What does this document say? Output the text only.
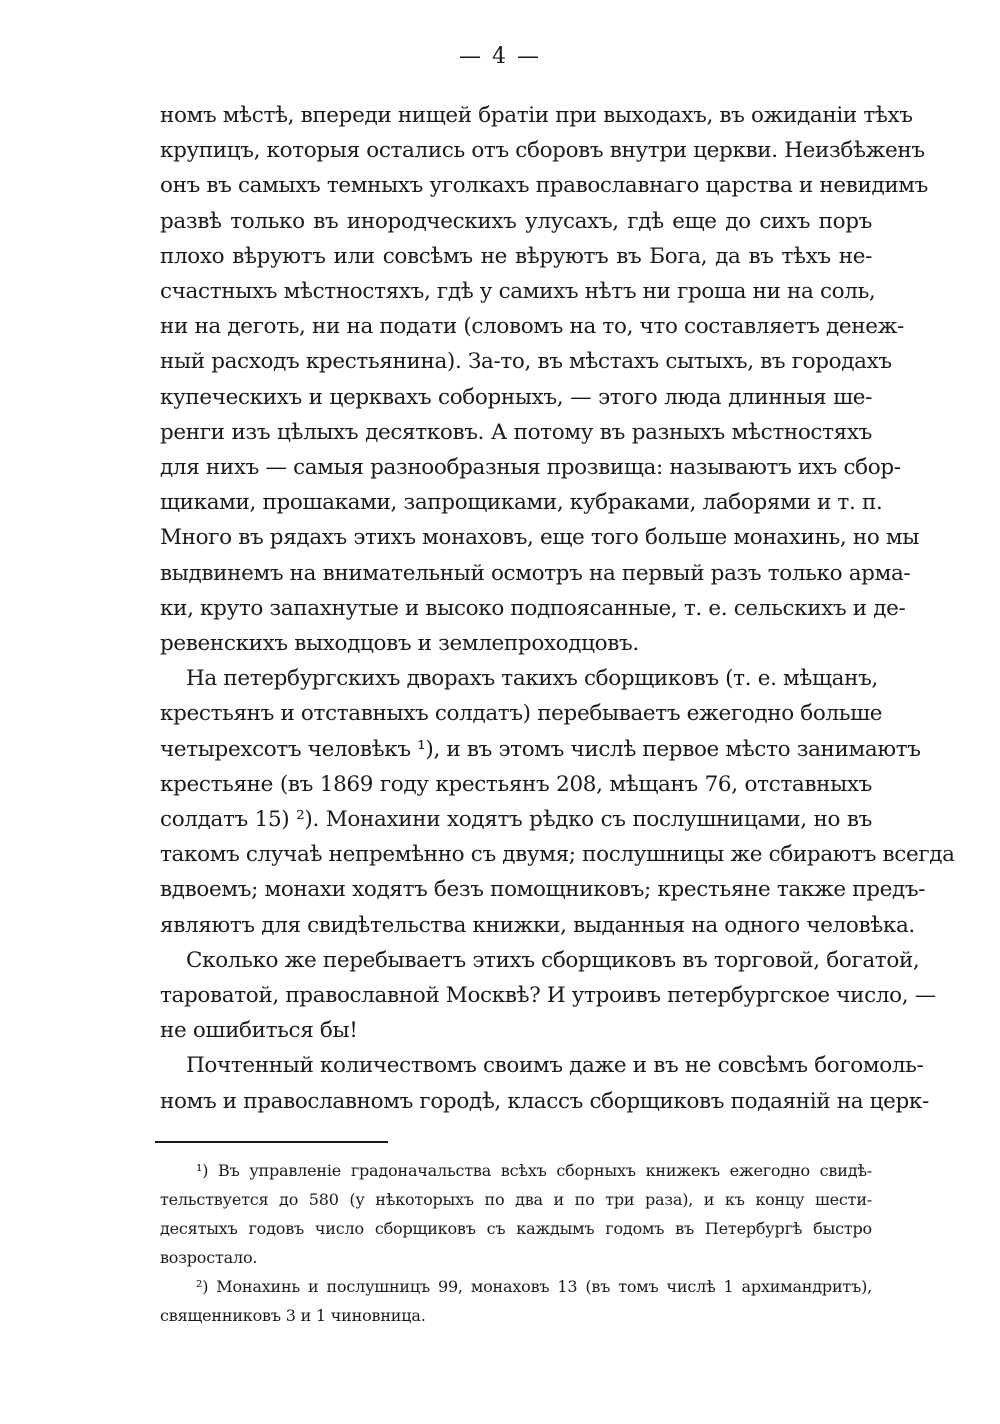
— 4 —
номъ мѣстѣ, впереди нищей братіи при выходахъ, въ ожиданіи тѣхъ
крупицъ, которыя остались отъ сборовъ внутри церкви. Неизбѣженъ
онъ въ самыхъ темныхъ уголкахъ православнаго царства и невидимъ
развѣ только въ инородческихъ улусахъ, гдѣ еще до сихъ поръ
плохо вѣруютъ или совсѣмъ не вѣруютъ въ Бога, да въ тѣхъ не-
счастныхъ мѣстностяхъ, гдѣ у самихъ нѣтъ ни гроша ни на соль,
ни на деготь, ни на подати (словомъ на то, что составляетъ денеж-
ный расходъ крестьянина). За-то, въ мѣстахъ сытыхъ, въ городахъ
купеческихъ и церквахъ соборныхъ, — этого люда длинныя ше-
ренги изъ цѣлыхъ десятковъ. А потому въ разныхъ мѣстностяхъ
для нихъ — самыя разнообразныя прозвища: называютъ ихъ сбор-
щиками, прошаками, запрощиками, кубраками, лаборями и т. п.
Много въ рядахъ этихъ монаховъ, еще того больше монахинь, но мы
выдвинемъ на внимательный осмотръ на первый разъ только арма-
ки, круто запахнутые и высоко подпоясанные, т. е. сельскихъ и де-
ревенскихъ выходцовъ и землепроходцовъ.
На петербургскихъ дворахъ такихъ сборщиковъ (т. е. мѣщанъ,
крестьянъ и отставныхъ солдатъ) перебываетъ ежегодно больше
четырехсотъ человѣкъ ¹), и въ этомъ числѣ первое мѣсто занимаютъ
крестьяне (въ 1869 году крестьянъ 208, мѣщанъ 76, отставныхъ
солдатъ 15) ²). Монахини ходятъ рѣдко съ послушницами, но въ
такомъ случаѣ непремѣнно съ двумя; послушницы же сбираютъ всегда
вдвоемъ; монахи ходятъ безъ помощниковъ; крестьяне также предъ-
являютъ для свидѣтельства книжки, выданныя на одного человѣка.
Сколько же перебываетъ этихъ сборщиковъ въ торговой, богатой,
тароватой, православной Москвѣ? И утроивъ петербургское число, —
не ошибиться бы!
Почтенный количествомъ своимъ даже и въ не совсѣмъ богомоль-
номъ и православномъ городѣ, классъ сборщиковъ подаяній на церк-
¹) Въ управленіе градоначальства всѣхъ сборныхъ книжекъ ежегодно свидѣ-
тельствуется до 580 (у нѣкоторыхъ по два и по три раза), и къ концу шести-
десятыхъ годовъ число сборщиковъ съ каждымъ годомъ въ Петербургѣ быстро
возростало.
²) Монахинь и послушницъ 99, монаховъ 13 (въ томъ числѣ 1 архимандритъ),
священниковъ 3 и 1 чиновница.
